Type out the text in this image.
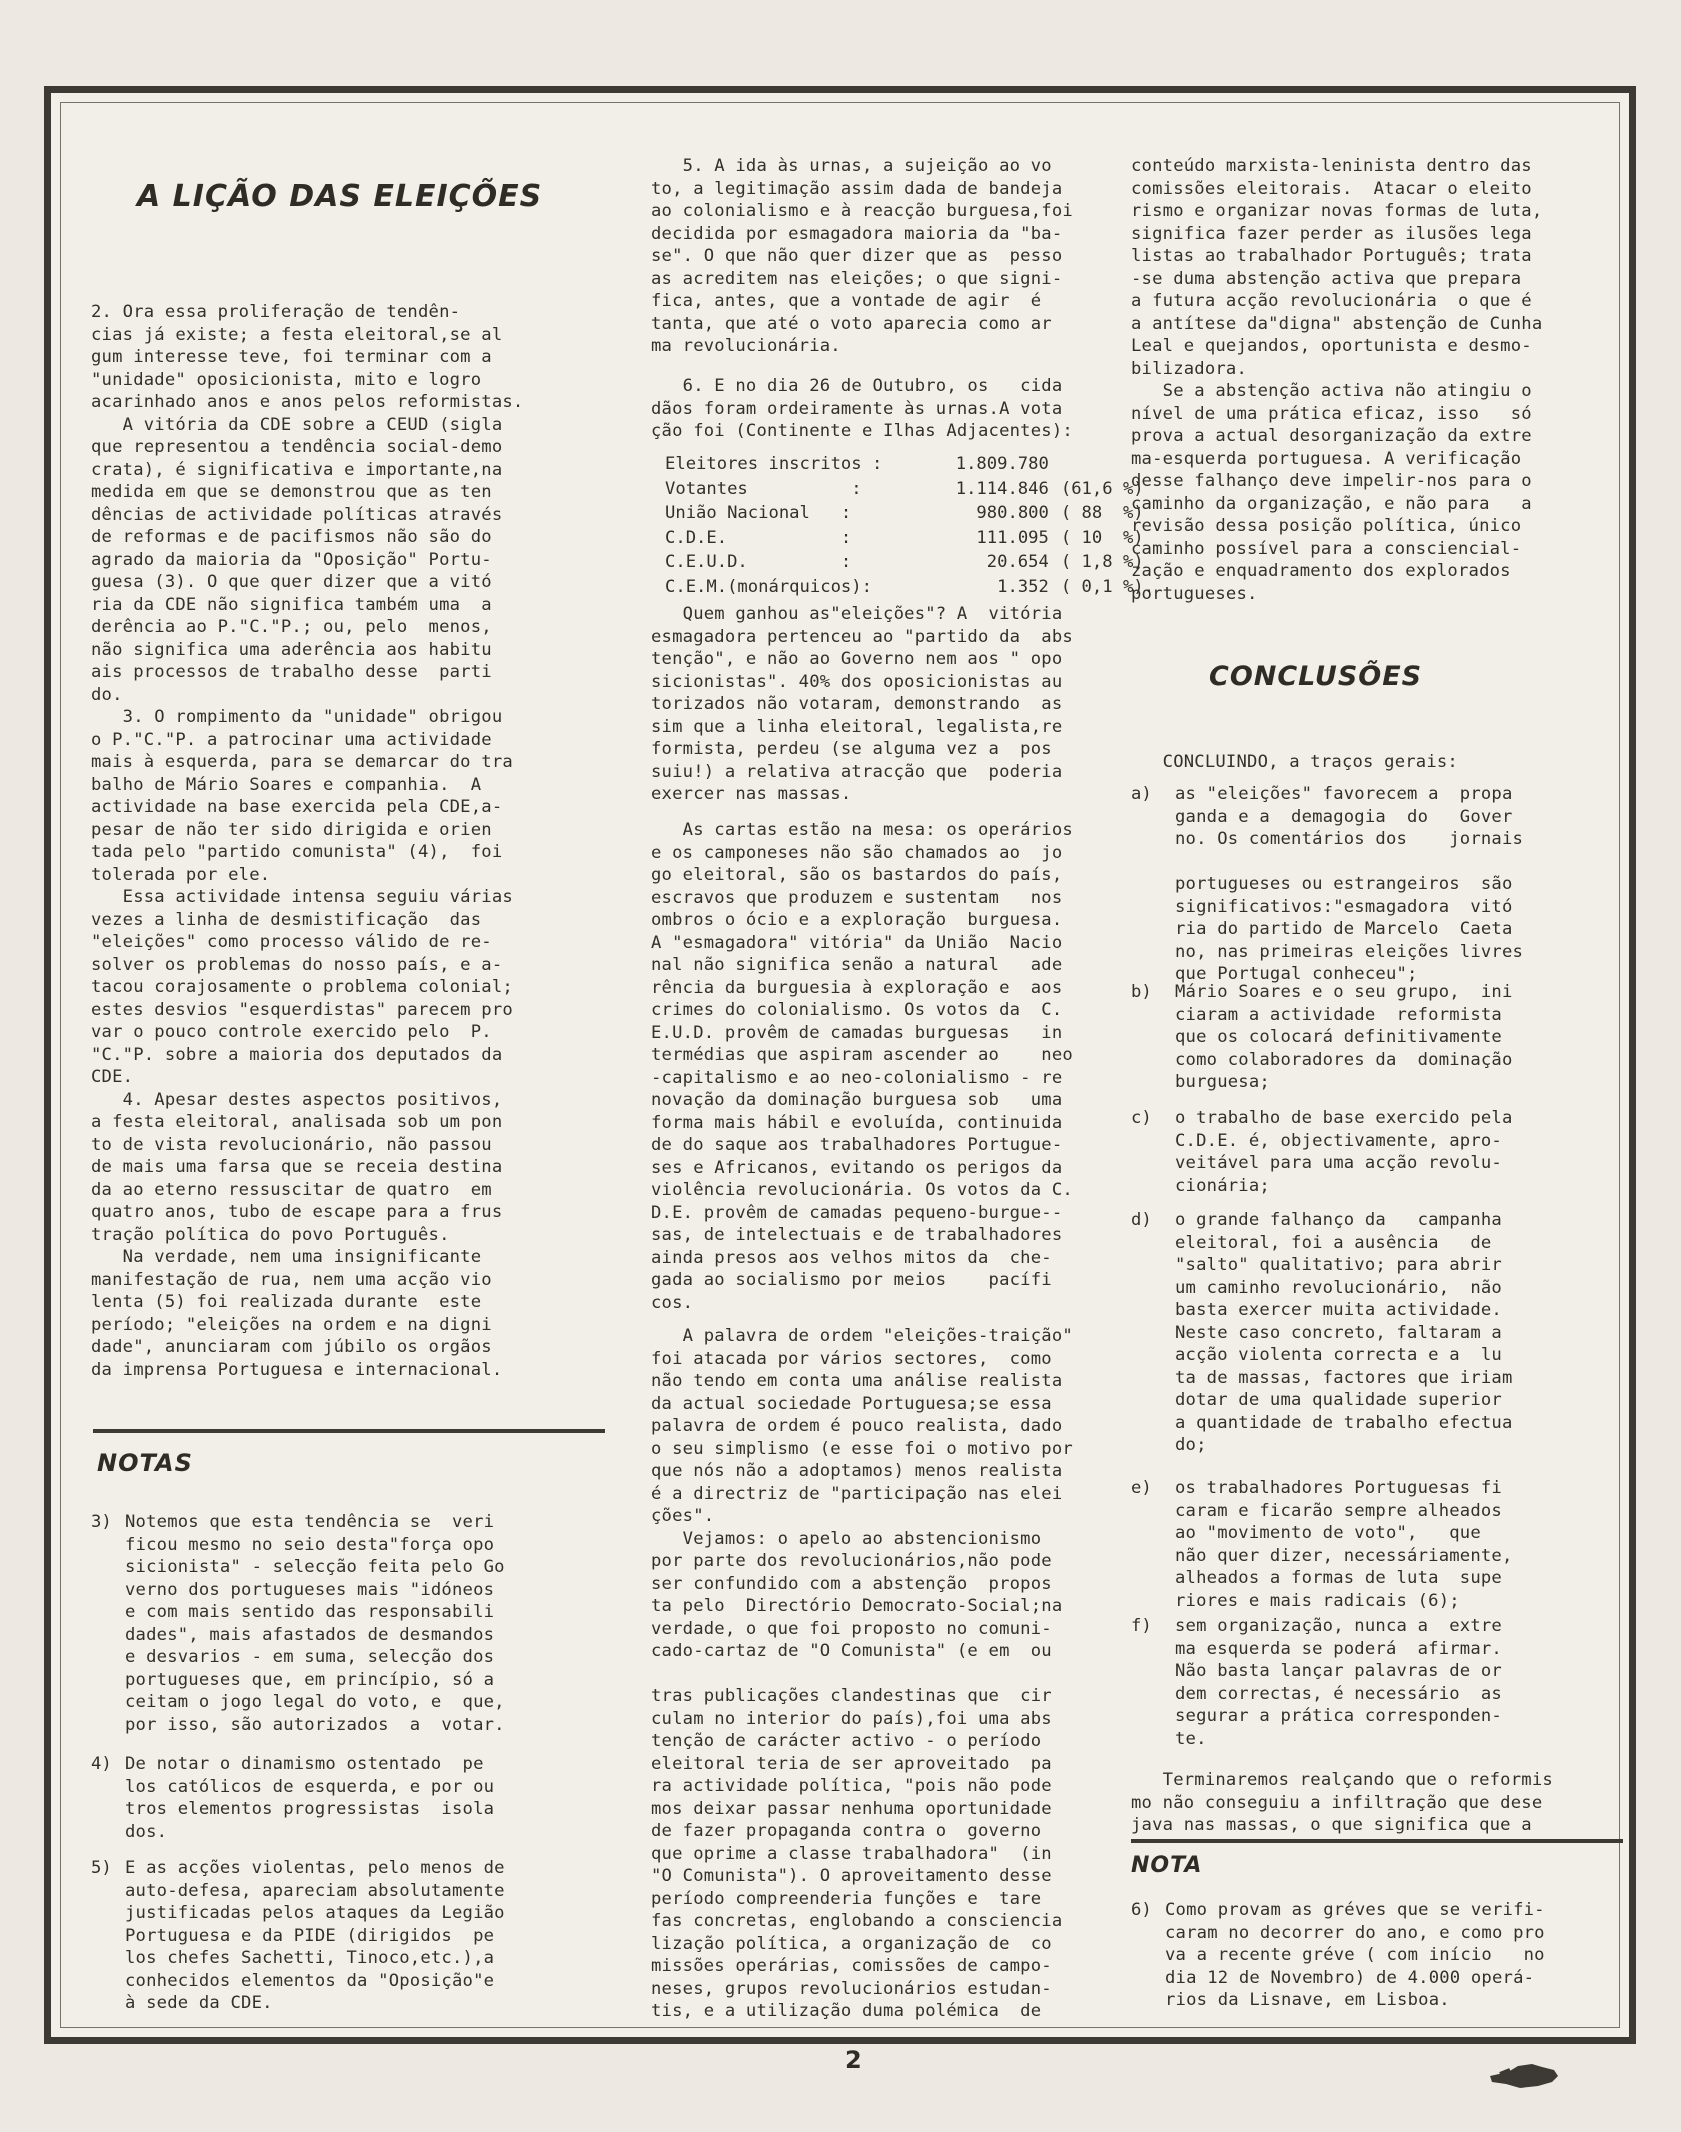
A LIÇÃO DAS ELEIÇÕES

2. Ora essa proliferação de tendên-
cias já existe; a festa eleitoral,se al
gum interesse teve, foi terminar com a
"unidade" oposicionista, mito e logro
acarinhado anos e anos pelos reformistas.
A vitória da CDE sobre a CEUD (sigla
que representou a tendência social-demo
crata), é significativa e importante,na
medida em que se demonstrou que as ten
dências de actividade políticas através
de reformas e de pacifismos não são do
agrado da maioria da "Oposição" Portu-
guesa (3). O que quer dizer que a vitó
ria da CDE não significa também uma  a
derência ao P."C."P.; ou, pelo  menos,
não significa uma aderência aos habitu
ais processos de trabalho desse  parti
do.
3. O rompimento da "unidade" obrigou
o P."C."P. a patrocinar uma actividade
mais à esquerda, para se demarcar do tra
balho de Mário Soares e companhia.  A
actividade na base exercida pela CDE,a-
pesar de não ter sido dirigida e orien
tada pelo "partido comunista" (4),  foi
tolerada por ele.
Essa actividade intensa seguiu várias
vezes a linha de desmistificação  das
"eleições" como processo válido de re-
solver os problemas do nosso país, e a-
tacou corajosamente o problema colonial;
estes desvios "esquerdistas" parecem pro
var o pouco controle exercido pelo  P.
"C."P. sobre a maioria dos deputados da
CDE.
4. Apesar destes aspectos positivos,
a festa eleitoral, analisada sob um pon
to de vista revolucionário, não passou
de mais uma farsa que se receia destina
da ao eterno ressuscitar de quatro  em
quatro anos, tubo de escape para a frus
tração política do povo Português.
Na verdade, nem uma insignificante
manifestação de rua, nem uma acção vio
lenta (5) foi realizada durante  este
período; "eleições na ordem e na digni
dade", anunciaram com júbilo os orgãos
da imprensa Portuguesa e internacional.

NOTAS
3) Notemos que esta tendência se  veri
ficou mesmo no seio desta"força opo
sicionista" - selecção feita pelo Go
verno dos portugueses mais "idóneos
e com mais sentido das responsabili
dades", mais afastados de desmandos
e desvarios - em suma, selecção dos
portugueses que, em princípio, só a
ceitam o jogo legal do voto, e  que,
por isso, são autorizados  a  votar.
4) De notar o dinamismo ostentado  pe
los católicos de esquerda, e por ou
tros elementos progressistas  isola
dos.
5) E as acções violentas, pelo menos de
auto-defesa, apareciam absolutamente
justificadas pelos ataques da Legião
Portuguesa e da PIDE (dirigidos  pe
los chefes Sachetti, Tinoco,etc.),a
conhecidos elementos da "Oposição"e
à sede da CDE.

5. A ida às urnas, a sujeição ao vo
to, a legitimação assim dada de bandeja
ao colonialismo e à reacção burguesa,foi
decidida por esmagadora maioria da "ba-
se". O que não quer dizer que as  pesso
as acreditem nas eleições; o que signi-
fica, antes, que a vontade de agir  é
tanta, que até o voto aparecia como ar
ma revolucionária.

6. E no dia 26 de Outubro, os   cida
dãos foram ordeiramente às urnas.A vota
ção foi (Continente e Ilhas Adjacentes):

Eleitores inscritos :	1.809.780	
Votantes          :	1.114.846	(61,6 %)
União Nacional   :	980.800	( 88  %)
C.D.E.           :	111.095	( 10  %)
C.E.U.D.         :	20.654	( 1,8 %)
C.E.M.(monárquicos):	1.352	( 0,1 %).

Quem ganhou as"eleições"? A  vitória
esmagadora pertenceu ao "partido da  abs
tenção", e não ao Governo nem aos " opo
sicionistas". 40% dos oposicionistas au
torizados não votaram, demonstrando  as
sim que a linha eleitoral, legalista,re
formista, perdeu (se alguma vez a  pos
suiu!) a relativa atracção que  poderia
exercer nas massas.

As cartas estão na mesa: os operários
e os camponeses não são chamados ao  jo
go eleitoral, são os bastardos do país,
escravos que produzem e sustentam   nos
ombros o ócio e a exploração  burguesa.
A "esmagadora" vitória" da União  Nacio
nal não significa senão a natural   ade
rência da burguesia à exploração e  aos
crimes do colonialismo. Os votos da  C.
E.U.D. provêm de camadas burguesas   in
termédias que aspiram ascender ao    neo
-capitalismo e ao neo-colonialismo - re
novação da dominação burguesa sob   uma
forma mais hábil e evoluída, continuida
de do saque aos trabalhadores Portugue-
ses e Africanos, evitando os perigos da
violência revolucionária. Os votos da C.
D.E. provêm de camadas pequeno-burgue--
sas, de intelectuais e de trabalhadores
ainda presos aos velhos mitos da  che-
gada ao socialismo por meios    pacífi
cos.

A palavra de ordem "eleições-traição"
foi atacada por vários sectores,  como
não tendo em conta uma análise realista
da actual sociedade Portuguesa;se essa
palavra de ordem é pouco realista, dado
o seu simplismo (e esse foi o motivo por
que nós não a adoptamos) menos realista
é a directriz de "participação nas elei
ções".
Vejamos: o apelo ao abstencionismo
por parte dos revolucionários,não pode
ser confundido com a abstenção  propos
ta pelo  Directório Democrato-Social;na
verdade, o que foi proposto no comuni-
cado-cartaz de "O Comunista" (e em  ou

tras publicações clandestinas que  cir
culam no interior do país),foi uma abs
tenção de carácter activo - o período
eleitoral teria de ser aproveitado  pa
ra actividade política, "pois não pode
mos deixar passar nenhuma oportunidade
de fazer propaganda contra o  governo
que oprime a classe trabalhadora"  (in
"O Comunista"). O aproveitamento desse
período compreenderia funções e  tare
fas concretas, englobando a consciencia
lização política, a organização de  co
missões operárias, comissões de campo-
neses, grupos revolucionários estudan-
tis, e a utilização duma polémica  de

conteúdo marxista-leninista dentro das
comissões eleitorais.  Atacar o eleito
rismo e organizar novas formas de luta,
significa fazer perder as ilusões lega
listas ao trabalhador Português; trata
-se duma abstenção activa que prepara
a futura acção revolucionária  o que é
a antítese da"digna" abstenção de Cunha
Leal e quejandos, oportunista e desmo-
bilizadora.
Se a abstenção activa não atingiu o
nível de uma prática eficaz, isso   só
prova a actual desorganização da extre
ma-esquerda portuguesa. A verificação
desse falhanço deve impelir-nos para o
caminho da organização, e não para   a
revisão dessa posição política, único
caminho possível para a consciencial-
zação e enquadramento dos explorados
portugueses.

CONCLUSÕES

CONCLUINDO, a traços gerais:

a)	as "eleições" favorecem a  propa
ganda e a  demagogia  do   Gover
no. Os comentários dos    jornais

portugueses ou estrangeiros  são
significativos:"esmagadora  vitó
ria do partido de Marcelo  Caeta
no, nas primeiras eleições livres
que Portugal conheceu";
b)	Mário Soares e o seu grupo,  ini
ciaram a actividade  reformista
que os colocará definitivamente
como colaboradores da  dominação
burguesa;
c)	o trabalho de base exercido pela
C.D.E. é, objectivamente, apro-
veitável para uma acção revolu-
cionária;
d)	o grande falhanço da   campanha
eleitoral, foi a ausência   de
"salto" qualitativo; para abrir
um caminho revolucionário,  não
basta exercer muita actividade.
Neste caso concreto, faltaram a
acção violenta correcta e a  lu
ta de massas, factores que iriam
dotar de uma qualidade superior
a quantidade de trabalho efectua
do;
e)	os trabalhadores Portuguesas fi
caram e ficarão sempre alheados
ao "movimento de voto",   que
não quer dizer, necessáriamente,
alheados a formas de luta  supe
riores e mais radicais (6);
f)	sem organização, nunca a  extre
ma esquerda se poderá  afirmar.
Não basta lançar palavras de or
dem correctas, é necessário  as
segurar a prática corresponden-
te.

Terminaremos realçando que o reformis
mo não conseguiu a infiltração que dese
java nas massas, o que significa que a

NOTA
6) Como provam as gréves que se verifi-
caram no decorrer do ano, e como pro
va a recente gréve ( com início   no
dia 12 de Novembro) de 4.000 operá-
rios da Lisnave, em Lisboa.
2
